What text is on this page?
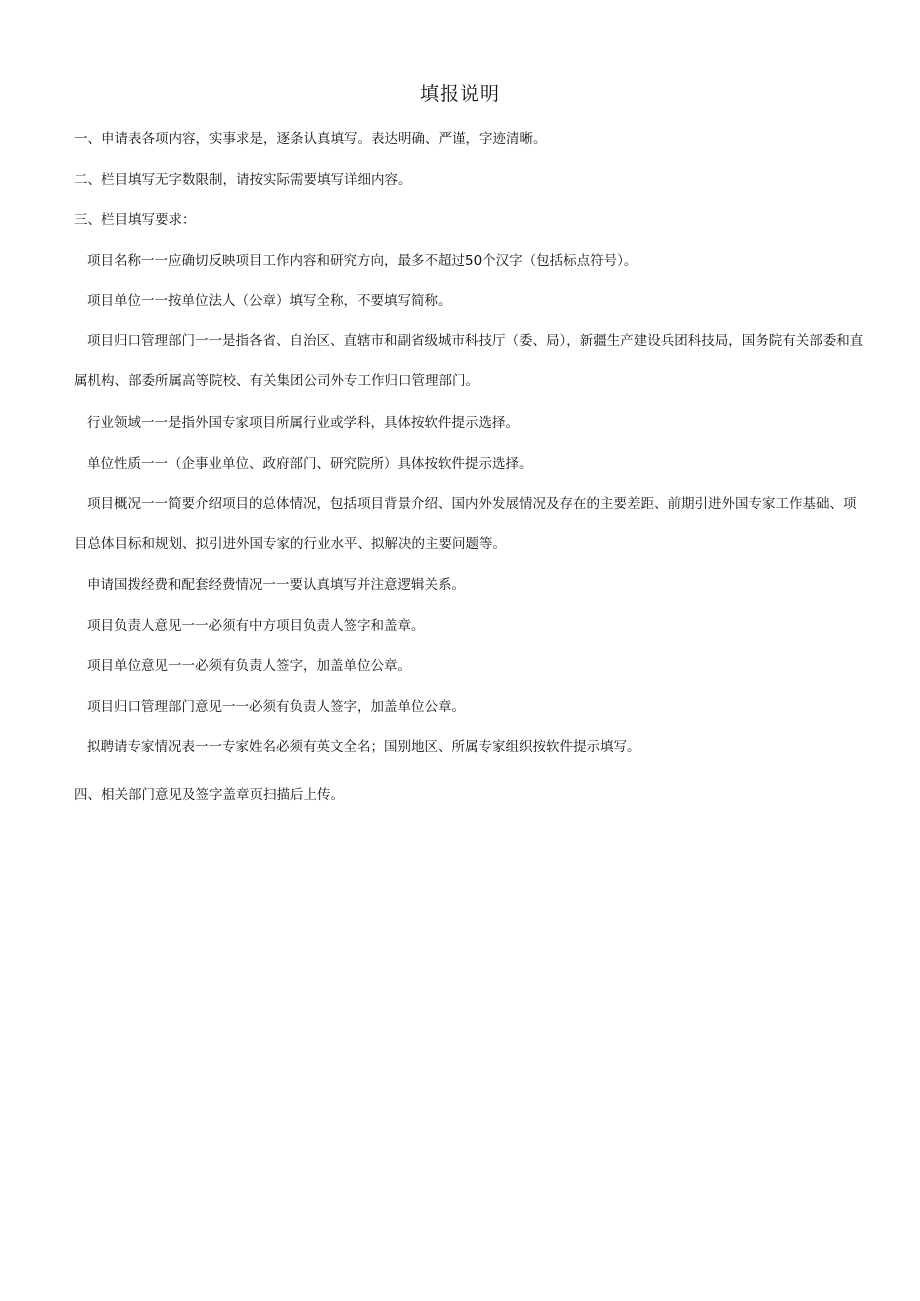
填报说明

一、申请表各项内容，实事求是，逐条认真填写。表达明确、严谨，字迹清晰。

二、栏目填写无字数限制，请按实际需要填写详细内容。

三、栏目填写要求：

项目名称一一应确切反映项目工作内容和研究方向，最多不超过50个汉字（包括标点符号）。

项目单位一一按单位法人（公章）填写全称，不要填写简称。

项目归口管理部门一一是指各省、自治区、直辖市和副省级城市科技厅（委、局），新疆生产建设兵团科技局，国务院有关部委和直属机构、部委所属高等院校、有关集团公司外专工作归口管理部门。

行业领域一一是指外国专家项目所属行业或学科，具体按软件提示选择。

单位性质一一（企事业单位、政府部门、研究院所）具体按软件提示选择。

项目概况一一简要介绍项目的总体情况，包括项目背景介绍、国内外发展情况及存在的主要差距、前期引进外国专家工作基础、项目总体目标和规划、拟引进外国专家的行业水平、拟解决的主要问题等。

申请国拨经费和配套经费情况一一要认真填写并注意逻辑关系。

项目负责人意见一一必须有中方项目负责人签字和盖章。

项目单位意见一一必须有负责人签字，加盖单位公章。

项目归口管理部门意见一一必须有负责人签字，加盖单位公章。

拟聘请专家情况表一一专家姓名必须有英文全名；国别地区、所属专家组织按软件提示填写。

四、相关部门意见及签字盖章页扫描后上传。
